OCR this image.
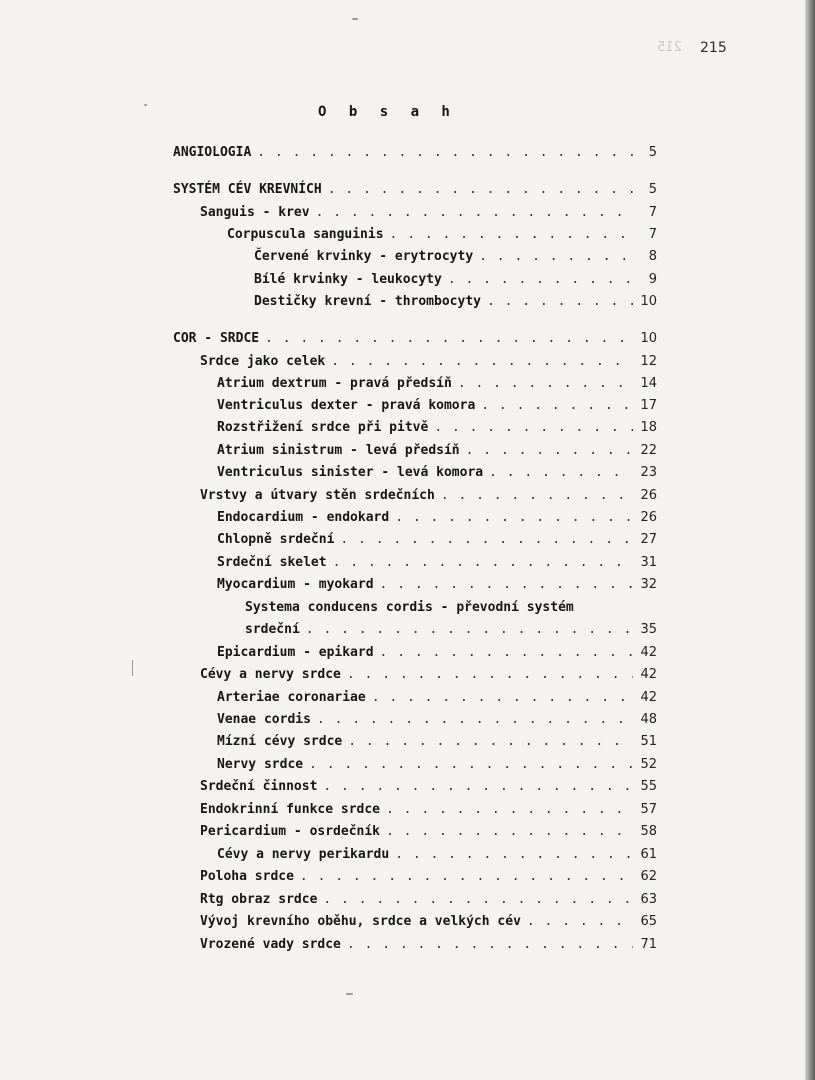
215 215
O b s a h
ANGIOLOGIA . . .	5
SYSTÉM CÉV KREVNÍCH . . .	5
Sanguis - krev . . .	7
Corpuscula sanguinis . . .	7
Červené krvinky - erytrocyty . . .	8
Bílé krvinky - leukocyty . . .	9
Destičky krevní - thrombocyty . . .	10
COR - SRDCE . . .	10
Srdce jako celek . . .	12
Atrium dextrum - pravá předsíň . . .	14
Ventriculus dexter - pravá komora . . .	17
Rozstřižení srdce při pitvě . . .	18
Atrium sinistrum - levá předsíň . . .	22
Ventriculus sinister - levá komora . . .	23
Vrstvy a útvary stěn srdečních . . .	26
Endocardium - endokard . . .	26
Chlopně srdeční . . .	27
Srdeční skelet . . .	31
Myocardium - myokard . . .	32
Systema conducens cordis - převodní systém
srdeční . . .	35
Epicardium - epikard . . .	42
Cévy a nervy srdce . . .	42
Arteriae coronariae . . .	42
Venae cordis . . .	48
Mízní cévy srdce . . .	51
Nervy srdce . . .	52
Srdeční činnost . . .	55
Endokrinní funkce srdce . . .	57
Pericardium - osrdečník . . .	58
Cévy a nervy perikardu . . .	61
Poloha srdce . . .	62
Rtg obraz srdce . . .	63
Vývoj krevního oběhu, srdce a velkých cév . . .	65
Vrozené vady srdce . . .	71
